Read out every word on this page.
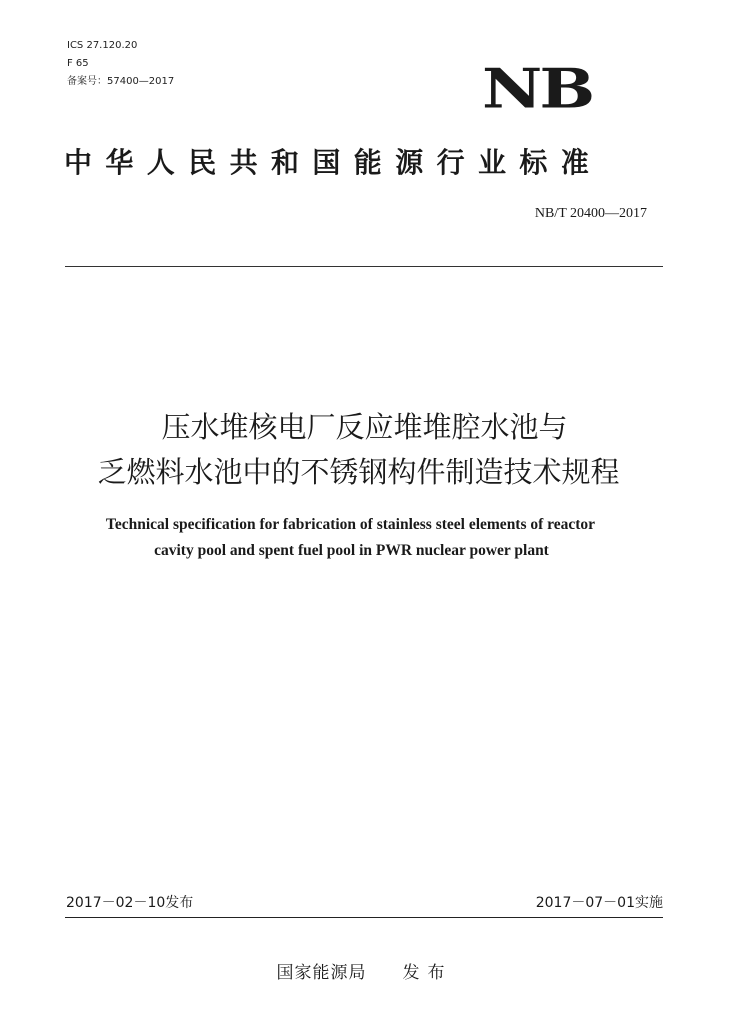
ICS 27.120.20
F 65
备案号：57400—2017	NB
中华人民共和国能源行业标准
NB/T 20400—2017
压水堆核电厂反应堆堆腔水池与
乏燃料水池中的不锈钢构件制造技术规程
Technical specification for fabrication of stainless steel elements of reactor
cavity pool and spent fuel pool in PWR nuclear power plant
2017－02－10发布	2017－07－01实施
国家能源局 发布
